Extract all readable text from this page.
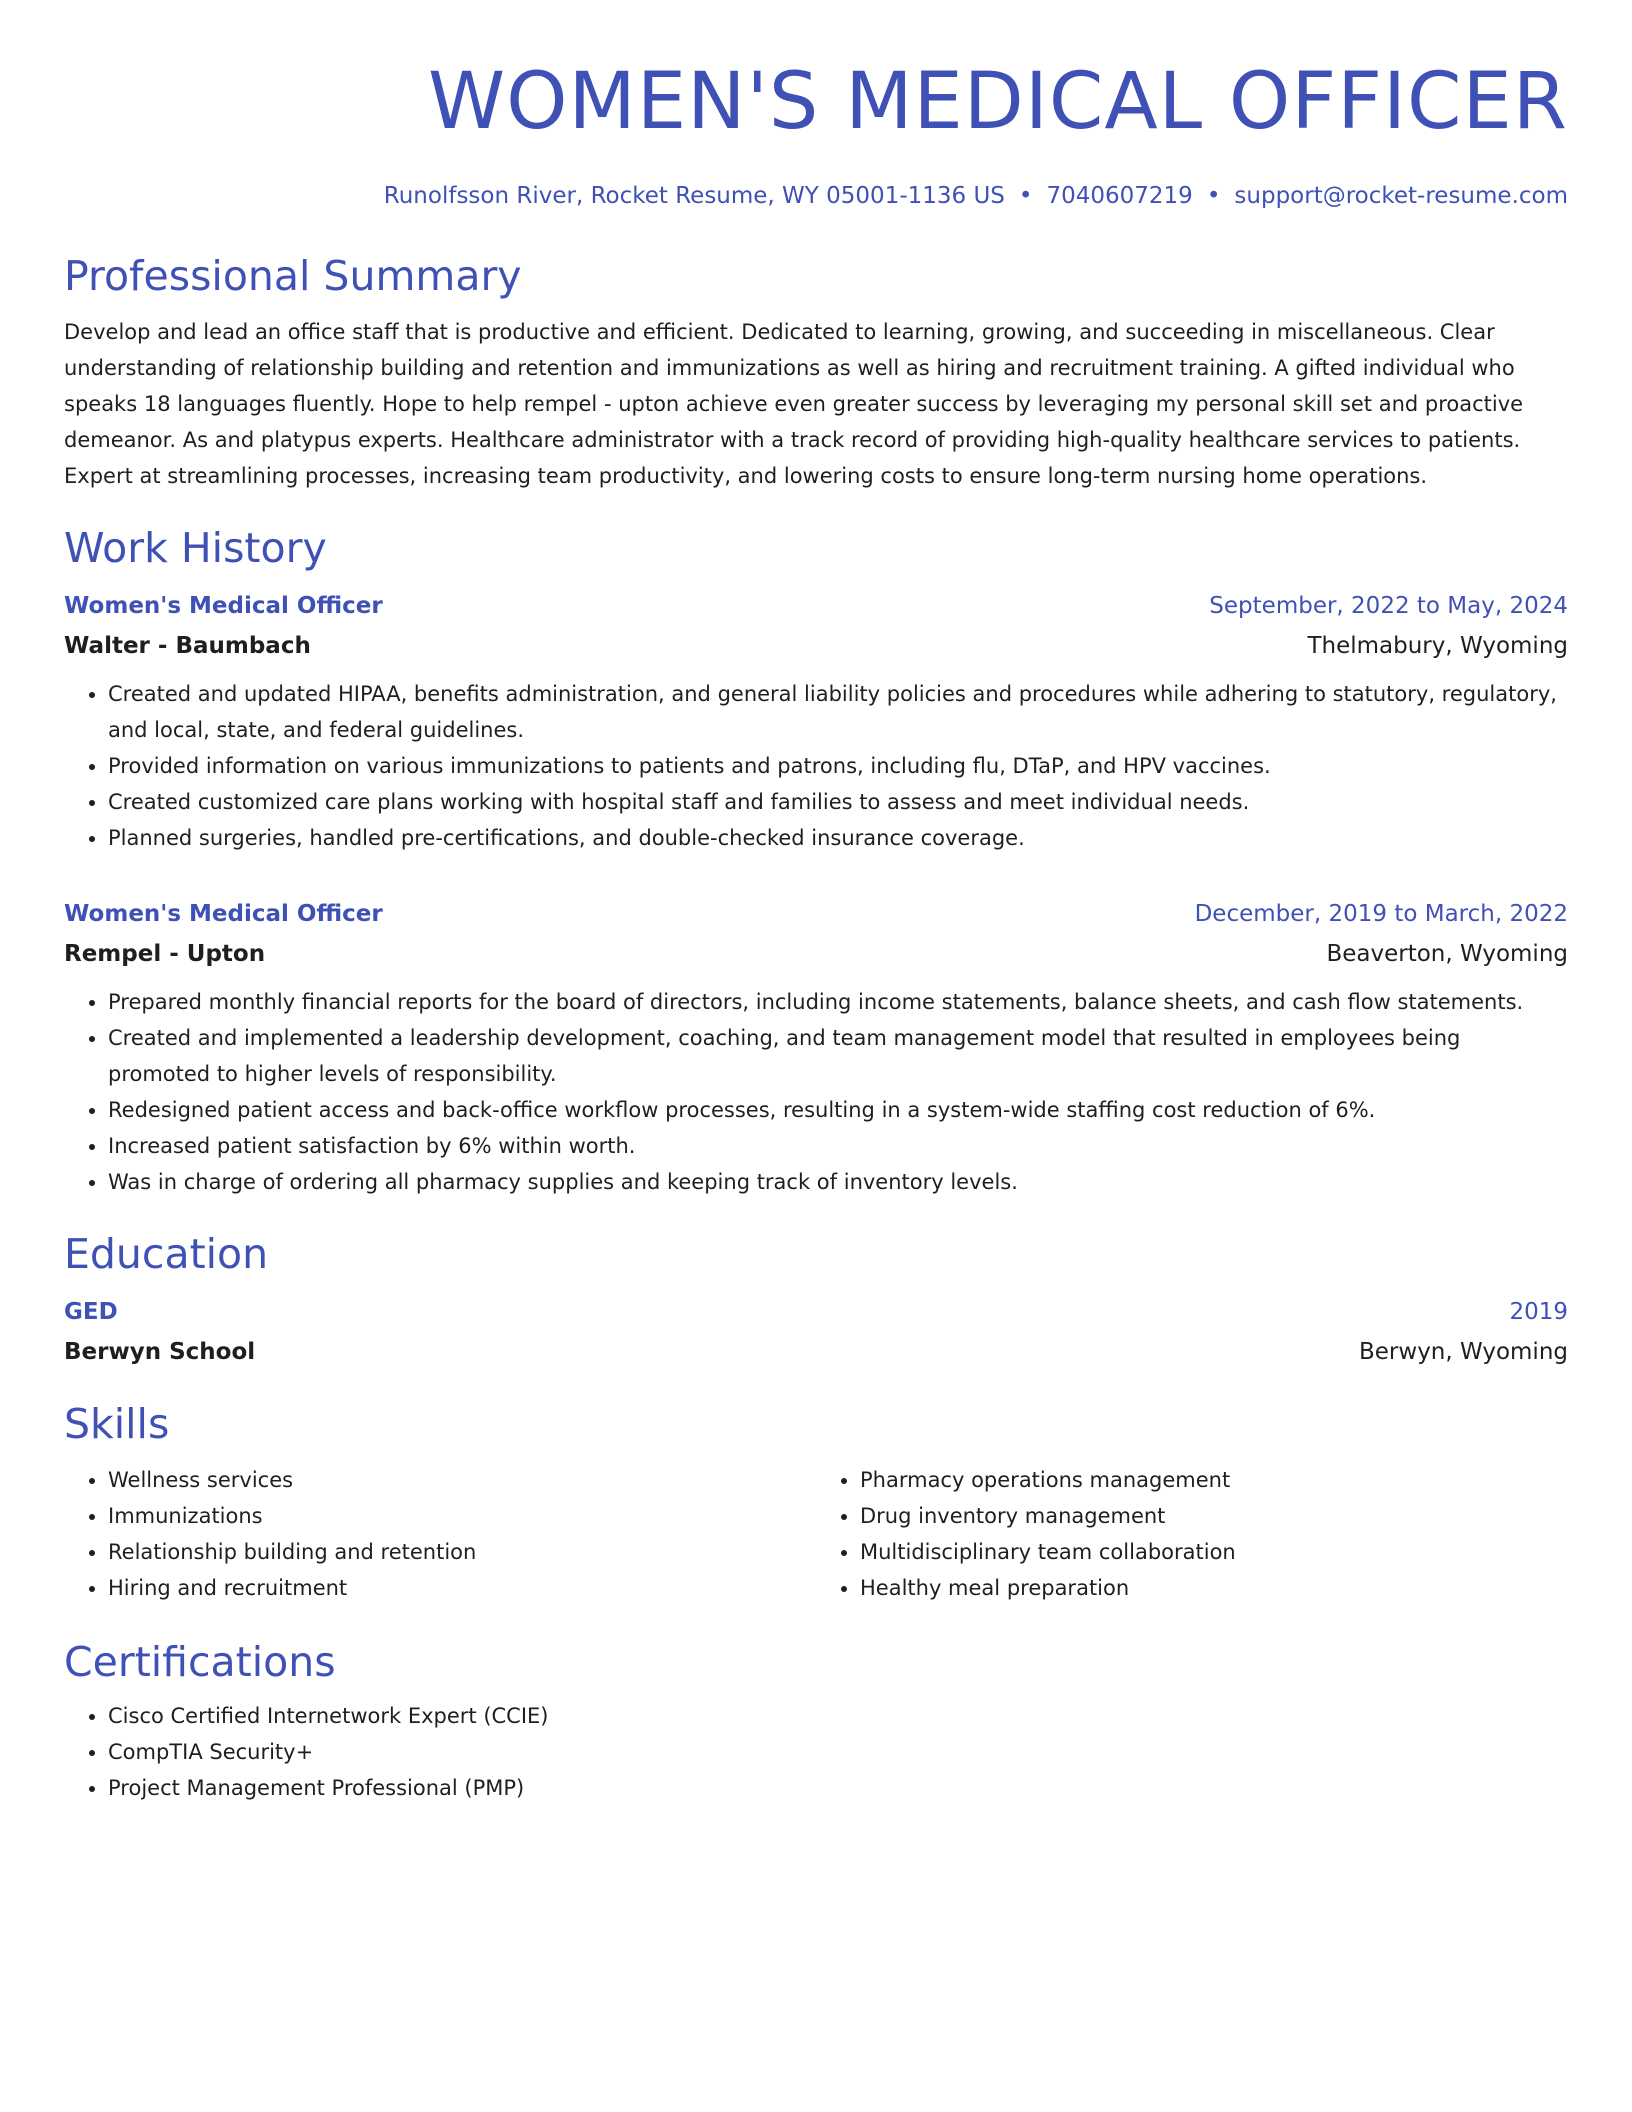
WOMEN'S MEDICAL OFFICER
Runolfsson River, Rocket Resume, WY 05001-1136 US • 7040607219 • support@rocket-resume.com
Professional Summary
Develop and lead an office staff that is productive and efficient. Dedicated to learning, growing, and succeeding in miscellaneous. Clear understanding of relationship building and retention and immunizations as well as hiring and recruitment training. A gifted individual who speaks 18 languages fluently. Hope to help rempel - upton achieve even greater success by leveraging my personal skill set and proactive demeanor. As and platypus experts. Healthcare administrator with a track record of providing high-quality healthcare services to patients. Expert at streamlining processes, increasing team productivity, and lowering costs to ensure long-term nursing home operations.
Work History
Women's Medical Officer	September, 2022 to May, 2024
Walter - Baumbach	Thelmabury, Wyoming
• Created and updated HIPAA, benefits administration, and general liability policies and procedures while adhering to statutory, regulatory, and local, state, and federal guidelines.
• Provided information on various immunizations to patients and patrons, including flu, DTaP, and HPV vaccines.
• Created customized care plans working with hospital staff and families to assess and meet individual needs.
• Planned surgeries, handled pre-certifications, and double-checked insurance coverage.
Women's Medical Officer	December, 2019 to March, 2022
Rempel - Upton	Beaverton, Wyoming
• Prepared monthly financial reports for the board of directors, including income statements, balance sheets, and cash flow statements.
• Created and implemented a leadership development, coaching, and team management model that resulted in employees being promoted to higher levels of responsibility.
• Redesigned patient access and back-office workflow processes, resulting in a system-wide staffing cost reduction of 6%.
• Increased patient satisfaction by 6% within worth.
• Was in charge of ordering all pharmacy supplies and keeping track of inventory levels.
Education
GED	2019
Berwyn School	Berwyn, Wyoming
Skills
• Wellness services
• Immunizations
• Relationship building and retention
• Hiring and recruitment
• Pharmacy operations management
• Drug inventory management
• Multidisciplinary team collaboration
• Healthy meal preparation
Certifications
• Cisco Certified Internetwork Expert (CCIE)
• CompTIA Security+
• Project Management Professional (PMP)
